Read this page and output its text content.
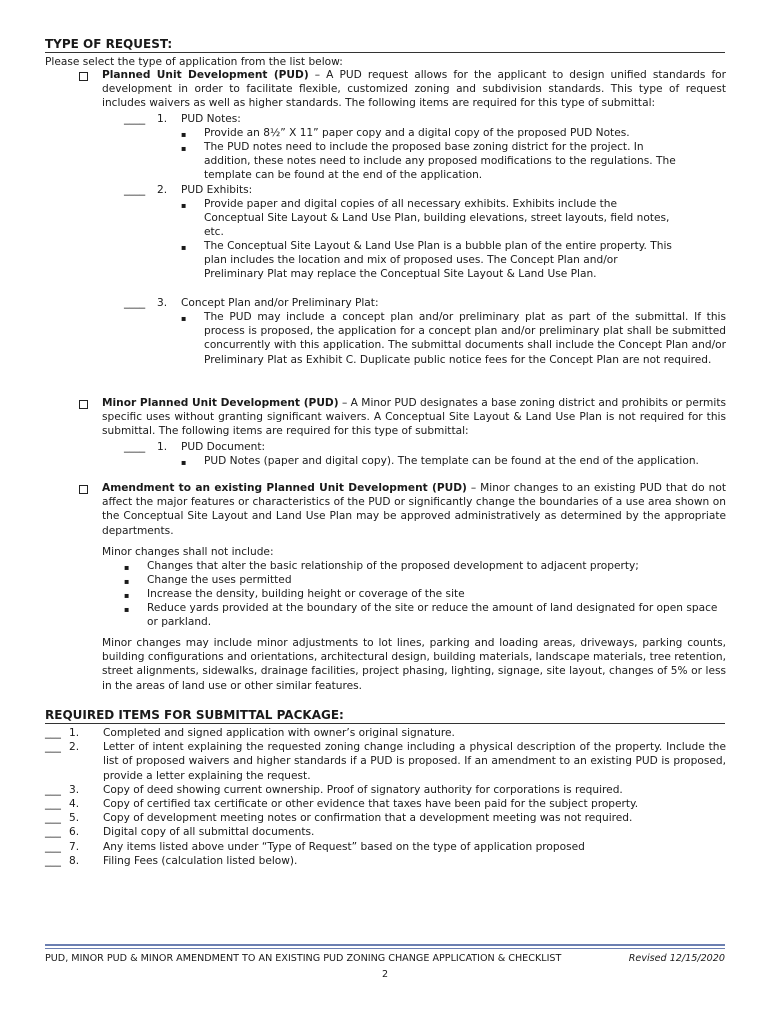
TYPE OF REQUEST:
Please select the type of application from the list below:
Planned Unit Development (PUD) – A PUD request allows for the applicant to design unified standards for development in order to facilitate flexible, customized zoning and subdivision standards. This type of request includes waivers as well as higher standards. The following items are required for this type of submittal:
____ 1. PUD Notes:
▪ Provide an 8½” X 11” paper copy and a digital copy of the proposed PUD Notes.
▪ The PUD notes need to include the proposed base zoning district for the project. In addition, these notes need to include any proposed modifications to the regulations. The template can be found at the end of the application.
____ 2. PUD Exhibits:
▪ Provide paper and digital copies of all necessary exhibits. Exhibits include the Conceptual Site Layout & Land Use Plan, building elevations, street layouts, field notes, etc.
▪ The Conceptual Site Layout & Land Use Plan is a bubble plan of the entire property. This plan includes the location and mix of proposed uses. The Concept Plan and/or Preliminary Plat may replace the Conceptual Site Layout & Land Use Plan.
____ 3. Concept Plan and/or Preliminary Plat:
▪ The PUD may include a concept plan and/or preliminary plat as part of the submittal. If this process is proposed, the application for a concept plan and/or preliminary plat shall be submitted concurrently with this application. The submittal documents shall include the Concept Plan and/or Preliminary Plat as Exhibit C. Duplicate public notice fees for the Concept Plan are not required.
Minor Planned Unit Development (PUD) – A Minor PUD designates a base zoning district and prohibits or permits specific uses without granting significant waivers. A Conceptual Site Layout & Land Use Plan is not required for this submittal. The following items are required for this type of submittal:
____ 1. PUD Document:
▪ PUD Notes (paper and digital copy). The template can be found at the end of the application.
Amendment to an existing Planned Unit Development (PUD) – Minor changes to an existing PUD that do not affect the major features or characteristics of the PUD or significantly change the boundaries of a use area shown on the Conceptual Site Layout and Land Use Plan may be approved administratively as determined by the appropriate departments.
Minor changes shall not include:
▪ Changes that alter the basic relationship of the proposed development to adjacent property;
▪ Change the uses permitted
▪ Increase the density, building height or coverage of the site
▪ Reduce yards provided at the boundary of the site or reduce the amount of land designated for open space or parkland.
Minor changes may include minor adjustments to lot lines, parking and loading areas, driveways, parking counts, building configurations and orientations, architectural design, building materials, landscape materials, tree retention, street alignments, sidewalks, drainage facilities, project phasing, lighting, signage, site layout, changes of 5% or less in the areas of land use or other similar features.
REQUIRED ITEMS FOR SUBMITTAL PACKAGE:
___ 1. Completed and signed application with owner’s original signature.
___ 2. Letter of intent explaining the requested zoning change including a physical description of the property. Include the list of proposed waivers and higher standards if a PUD is proposed. If an amendment to an existing PUD is proposed, provide a letter explaining the request.
___ 3. Copy of deed showing current ownership. Proof of signatory authority for corporations is required.
___ 4. Copy of certified tax certificate or other evidence that taxes have been paid for the subject property.
___ 5. Copy of development meeting notes or confirmation that a development meeting was not required.
___ 6. Digital copy of all submittal documents.
___ 7. Any items listed above under “Type of Request” based on the type of application proposed
___ 8. Filing Fees (calculation listed below).
PUD, MINOR PUD & MINOR AMENDMENT TO AN EXISTING PUD ZONING CHANGE APPLICATION & CHECKLIST	Revised 12/15/2020
2
